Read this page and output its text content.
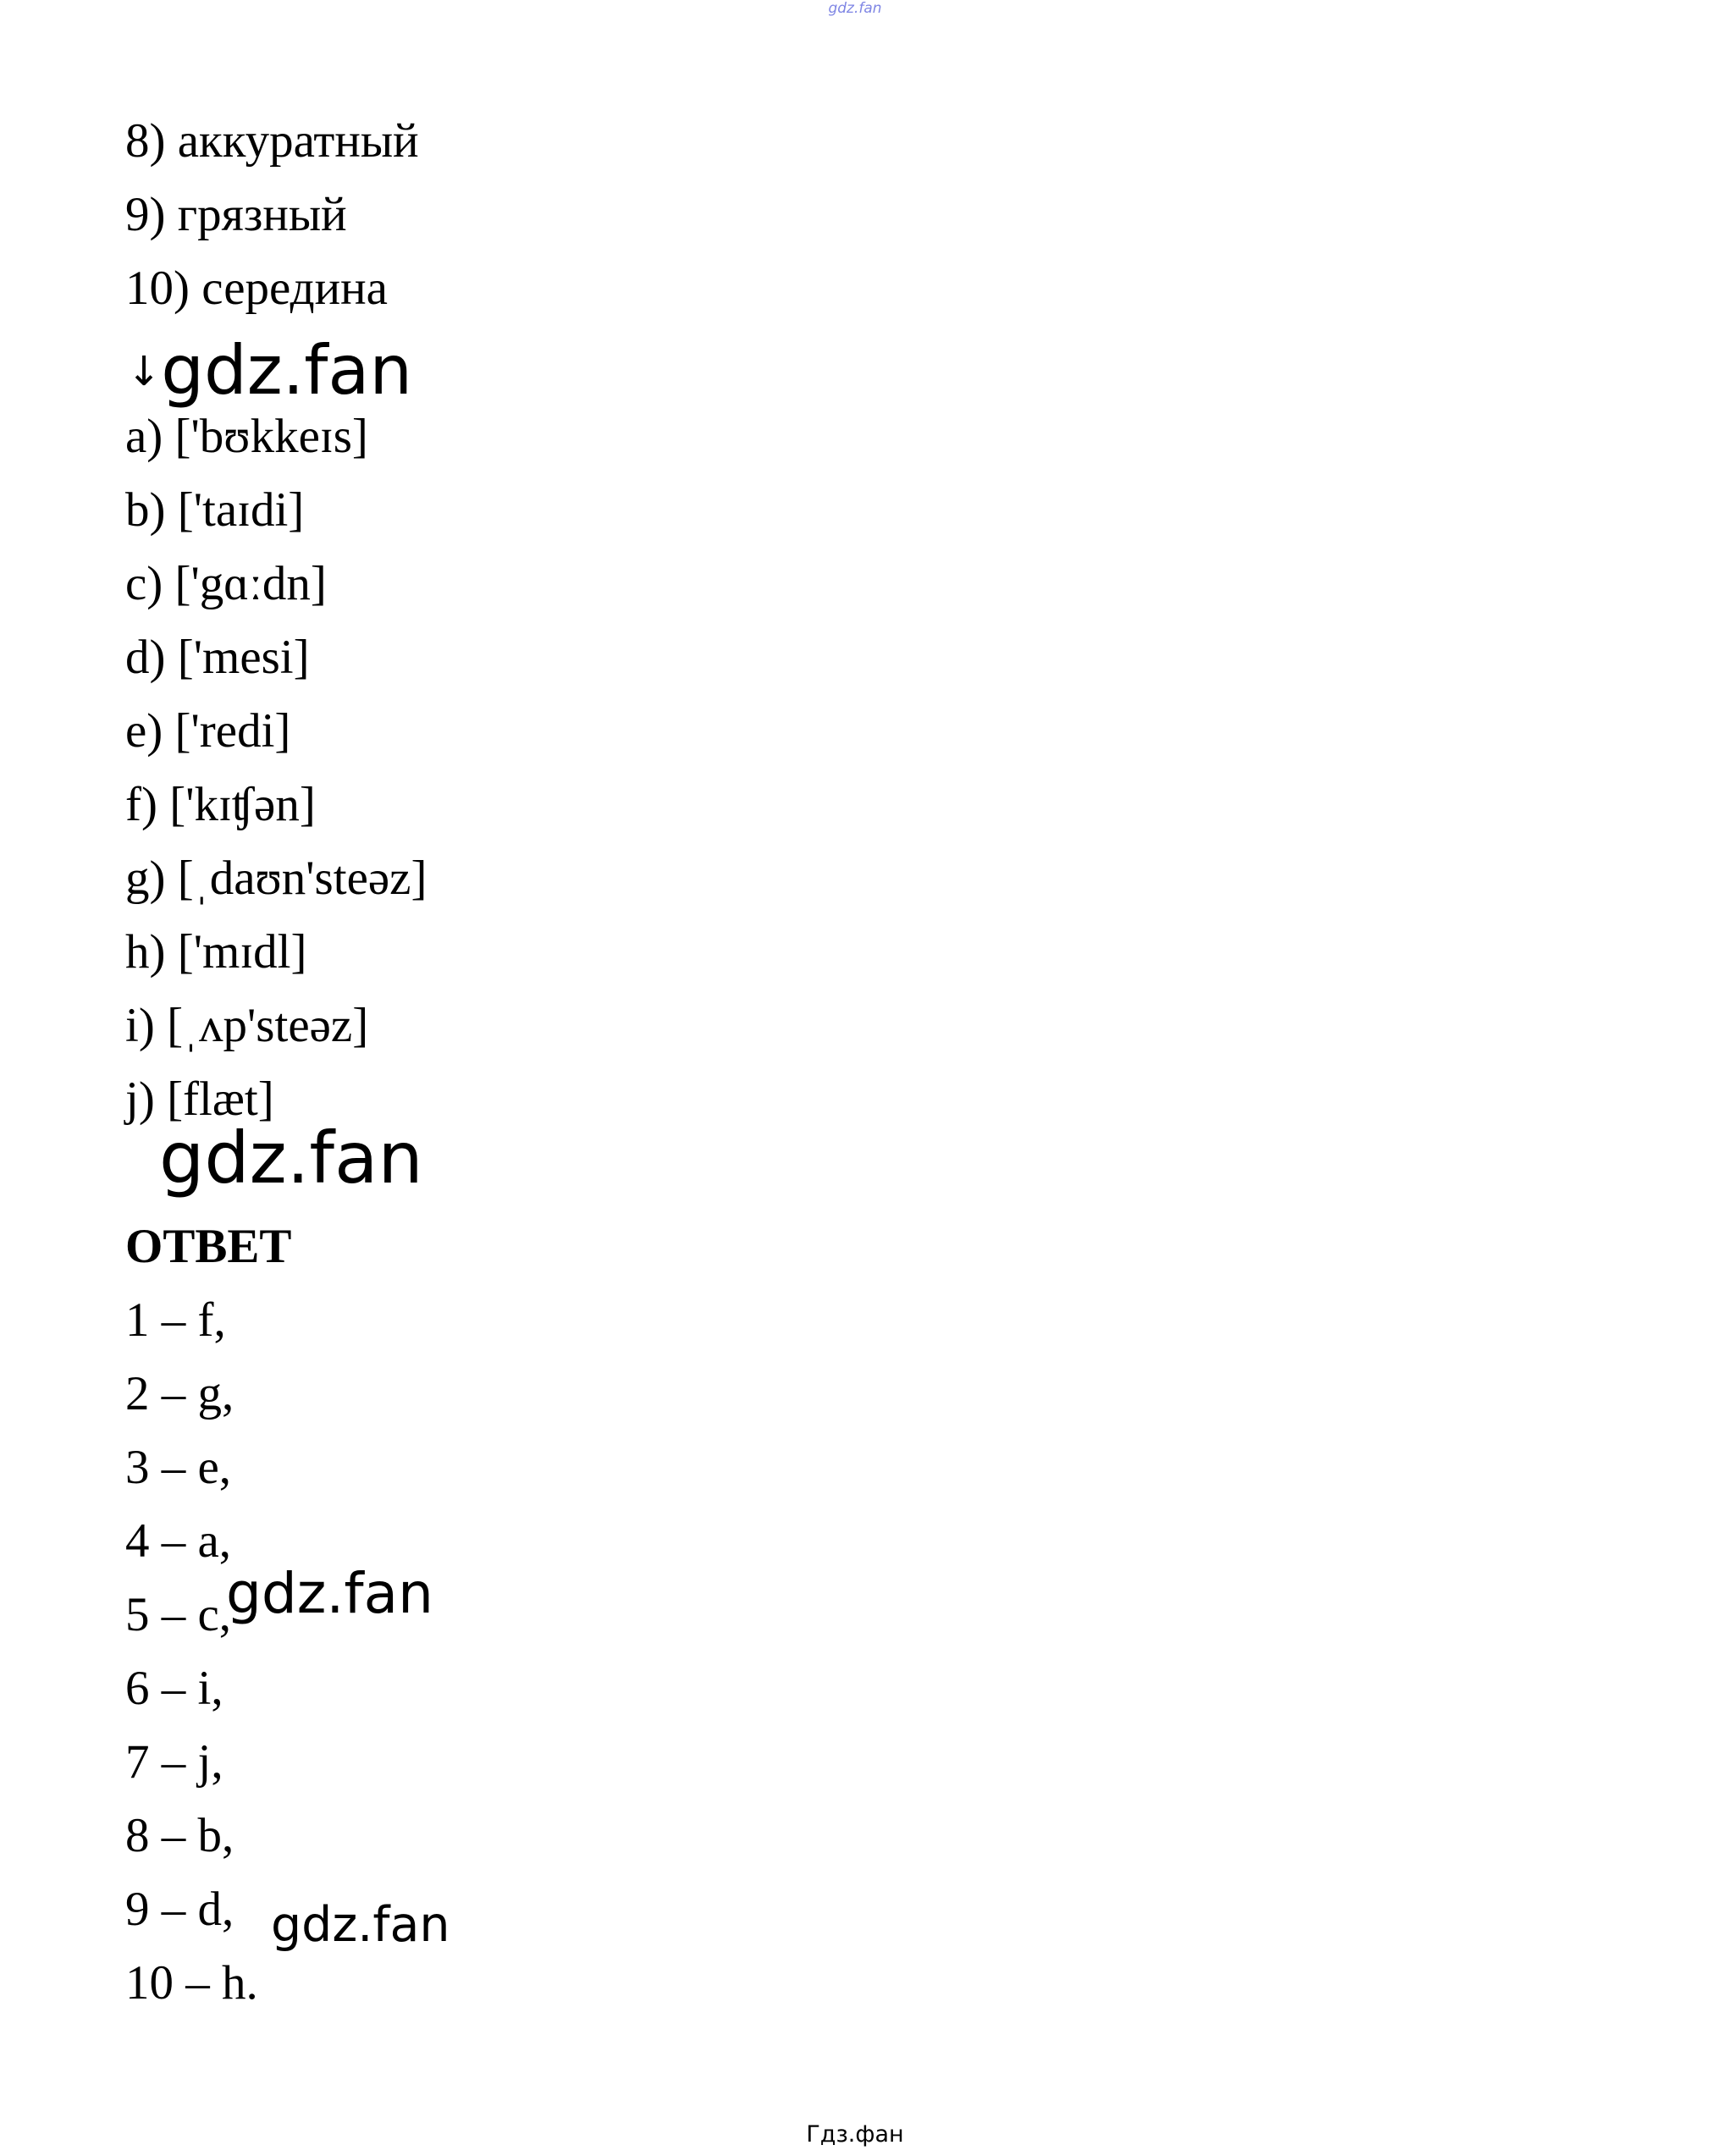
gdz.fan
8) аккуратный
9) грязный
10) середина
↓gdz.fan
a) ['bʊkkeɪs]
b) ['taɪdi]
c) ['gɑːdn]
d) ['mesi]
e) ['redi]
f) ['kɪʧən]
g) [ˌdaʊn'steəz]
h) ['mɪdl]
i) [ˌʌp'steəz]
j) [flæt]
gdz.fan
ОТВЕТ
1 – f,
2 – g,
3 – e,
4 – a,
5 – c,
6 – i,
7 – j,
8 – b,
9 – d,
10 – h.
gdz.fan
gdz.fan
Гдз.фан
